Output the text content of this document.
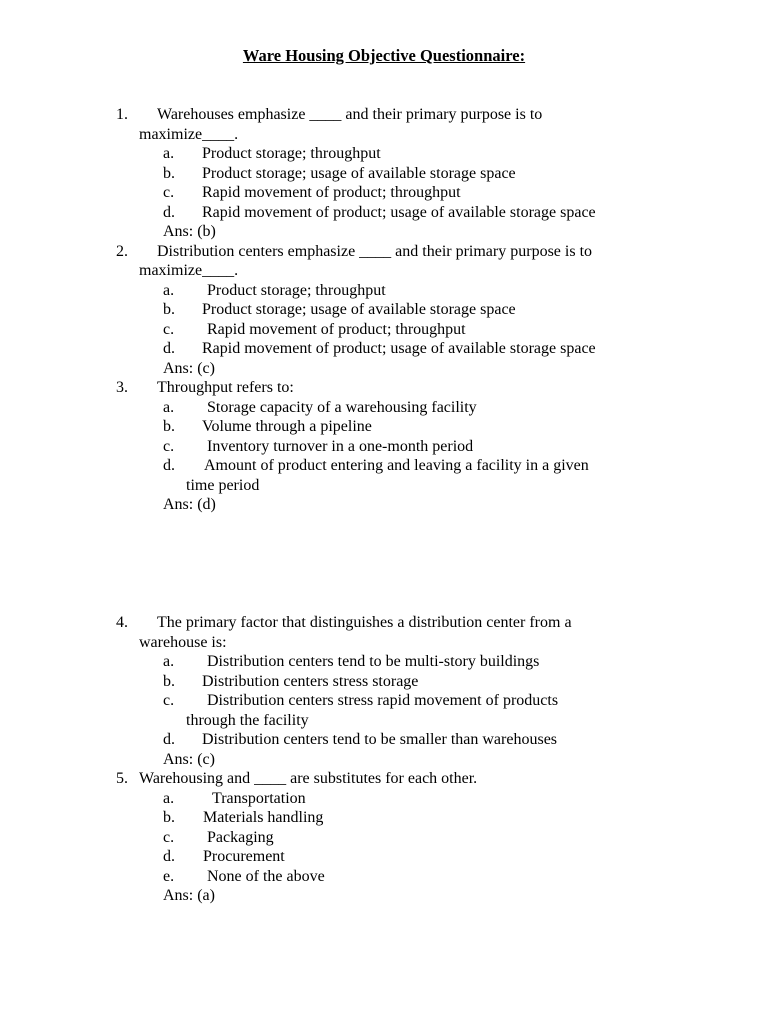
Ware Housing Objective Questionnaire:
1. Warehouses emphasize ____ and their primary purpose is to
maximize____.
a. Product storage; throughput
b. Product storage; usage of available storage space
c. Rapid movement of product; throughput
d. Rapid movement of product; usage of available storage space
Ans: (b)
2. Distribution centers emphasize ____ and their primary purpose is to
maximize____.
a. Product storage; throughput
b. Product storage; usage of available storage space
c. Rapid movement of product; throughput
d. Rapid movement of product; usage of available storage space
Ans: (c)
3. Throughput refers to:
a. Storage capacity of a warehousing facility
b. Volume through a pipeline
c. Inventory turnover in a one-month period
d. Amount of product entering and leaving a facility in a given
time period
Ans: (d)
4. The primary factor that distinguishes a distribution center from a
warehouse is:
a. Distribution centers tend to be multi-story buildings
b. Distribution centers stress storage
c. Distribution centers stress rapid movement of products
through the facility
d. Distribution centers tend to be smaller than warehouses
Ans: (c)
5. Warehousing and ____ are substitutes for each other.
a. Transportation
b. Materials handling
c. Packaging
d. Procurement
e. None of the above
Ans: (a)
